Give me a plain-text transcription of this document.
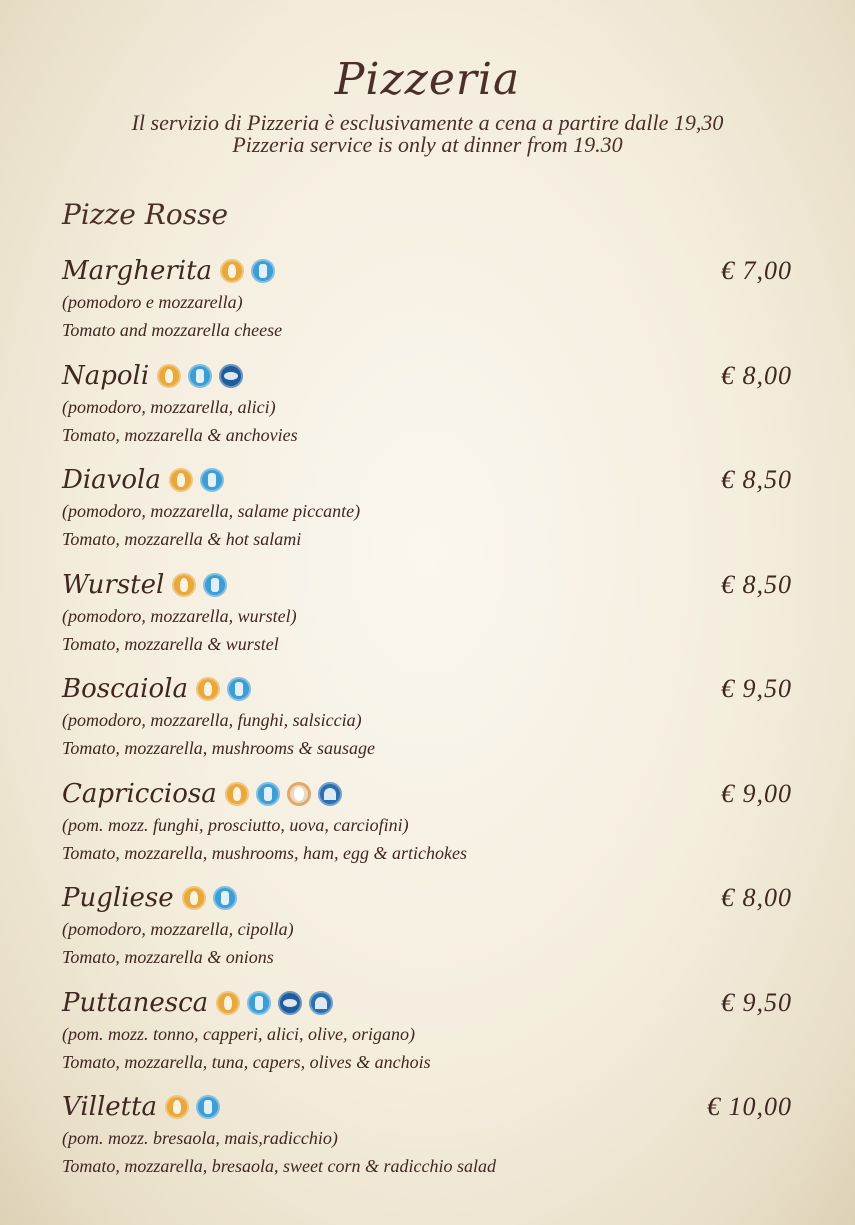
Pizzeria
Il servizio di Pizzeria è esclusivamente a cena a partire dalle 19,30
Pizzeria service is only at dinner from 19.30
Pizze Rosse
Margherita	€ 7,00
(pomodoro e mozzarella)
Tomato and mozzarella cheese
Napoli	€ 8,00
(pomodoro, mozzarella, alici)
Tomato, mozzarella & anchovies
Diavola	€ 8,50
(pomodoro, mozzarella, salame piccante)
Tomato, mozzarella & hot salami
Wurstel	€ 8,50
(pomodoro, mozzarella, wurstel)
Tomato, mozzarella & wurstel
Boscaiola	€ 9,50
(pomodoro, mozzarella, funghi, salsiccia)
Tomato, mozzarella, mushrooms & sausage
Capricciosa	€ 9,00
(pom. mozz. funghi, prosciutto, uova, carciofini)
Tomato, mozzarella, mushrooms, ham, egg & artichokes
Pugliese	€ 8,00
(pomodoro, mozzarella, cipolla)
Tomato, mozzarella & onions
Puttanesca	€ 9,50
(pom. mozz. tonno, capperi, alici, olive, origano)
Tomato, mozzarella, tuna, capers, olives & anchois
Villetta	€ 10,00
(pom. mozz. bresaola, mais,radicchio)
Tomato, mozzarella, bresaola, sweet corn & radicchio salad
